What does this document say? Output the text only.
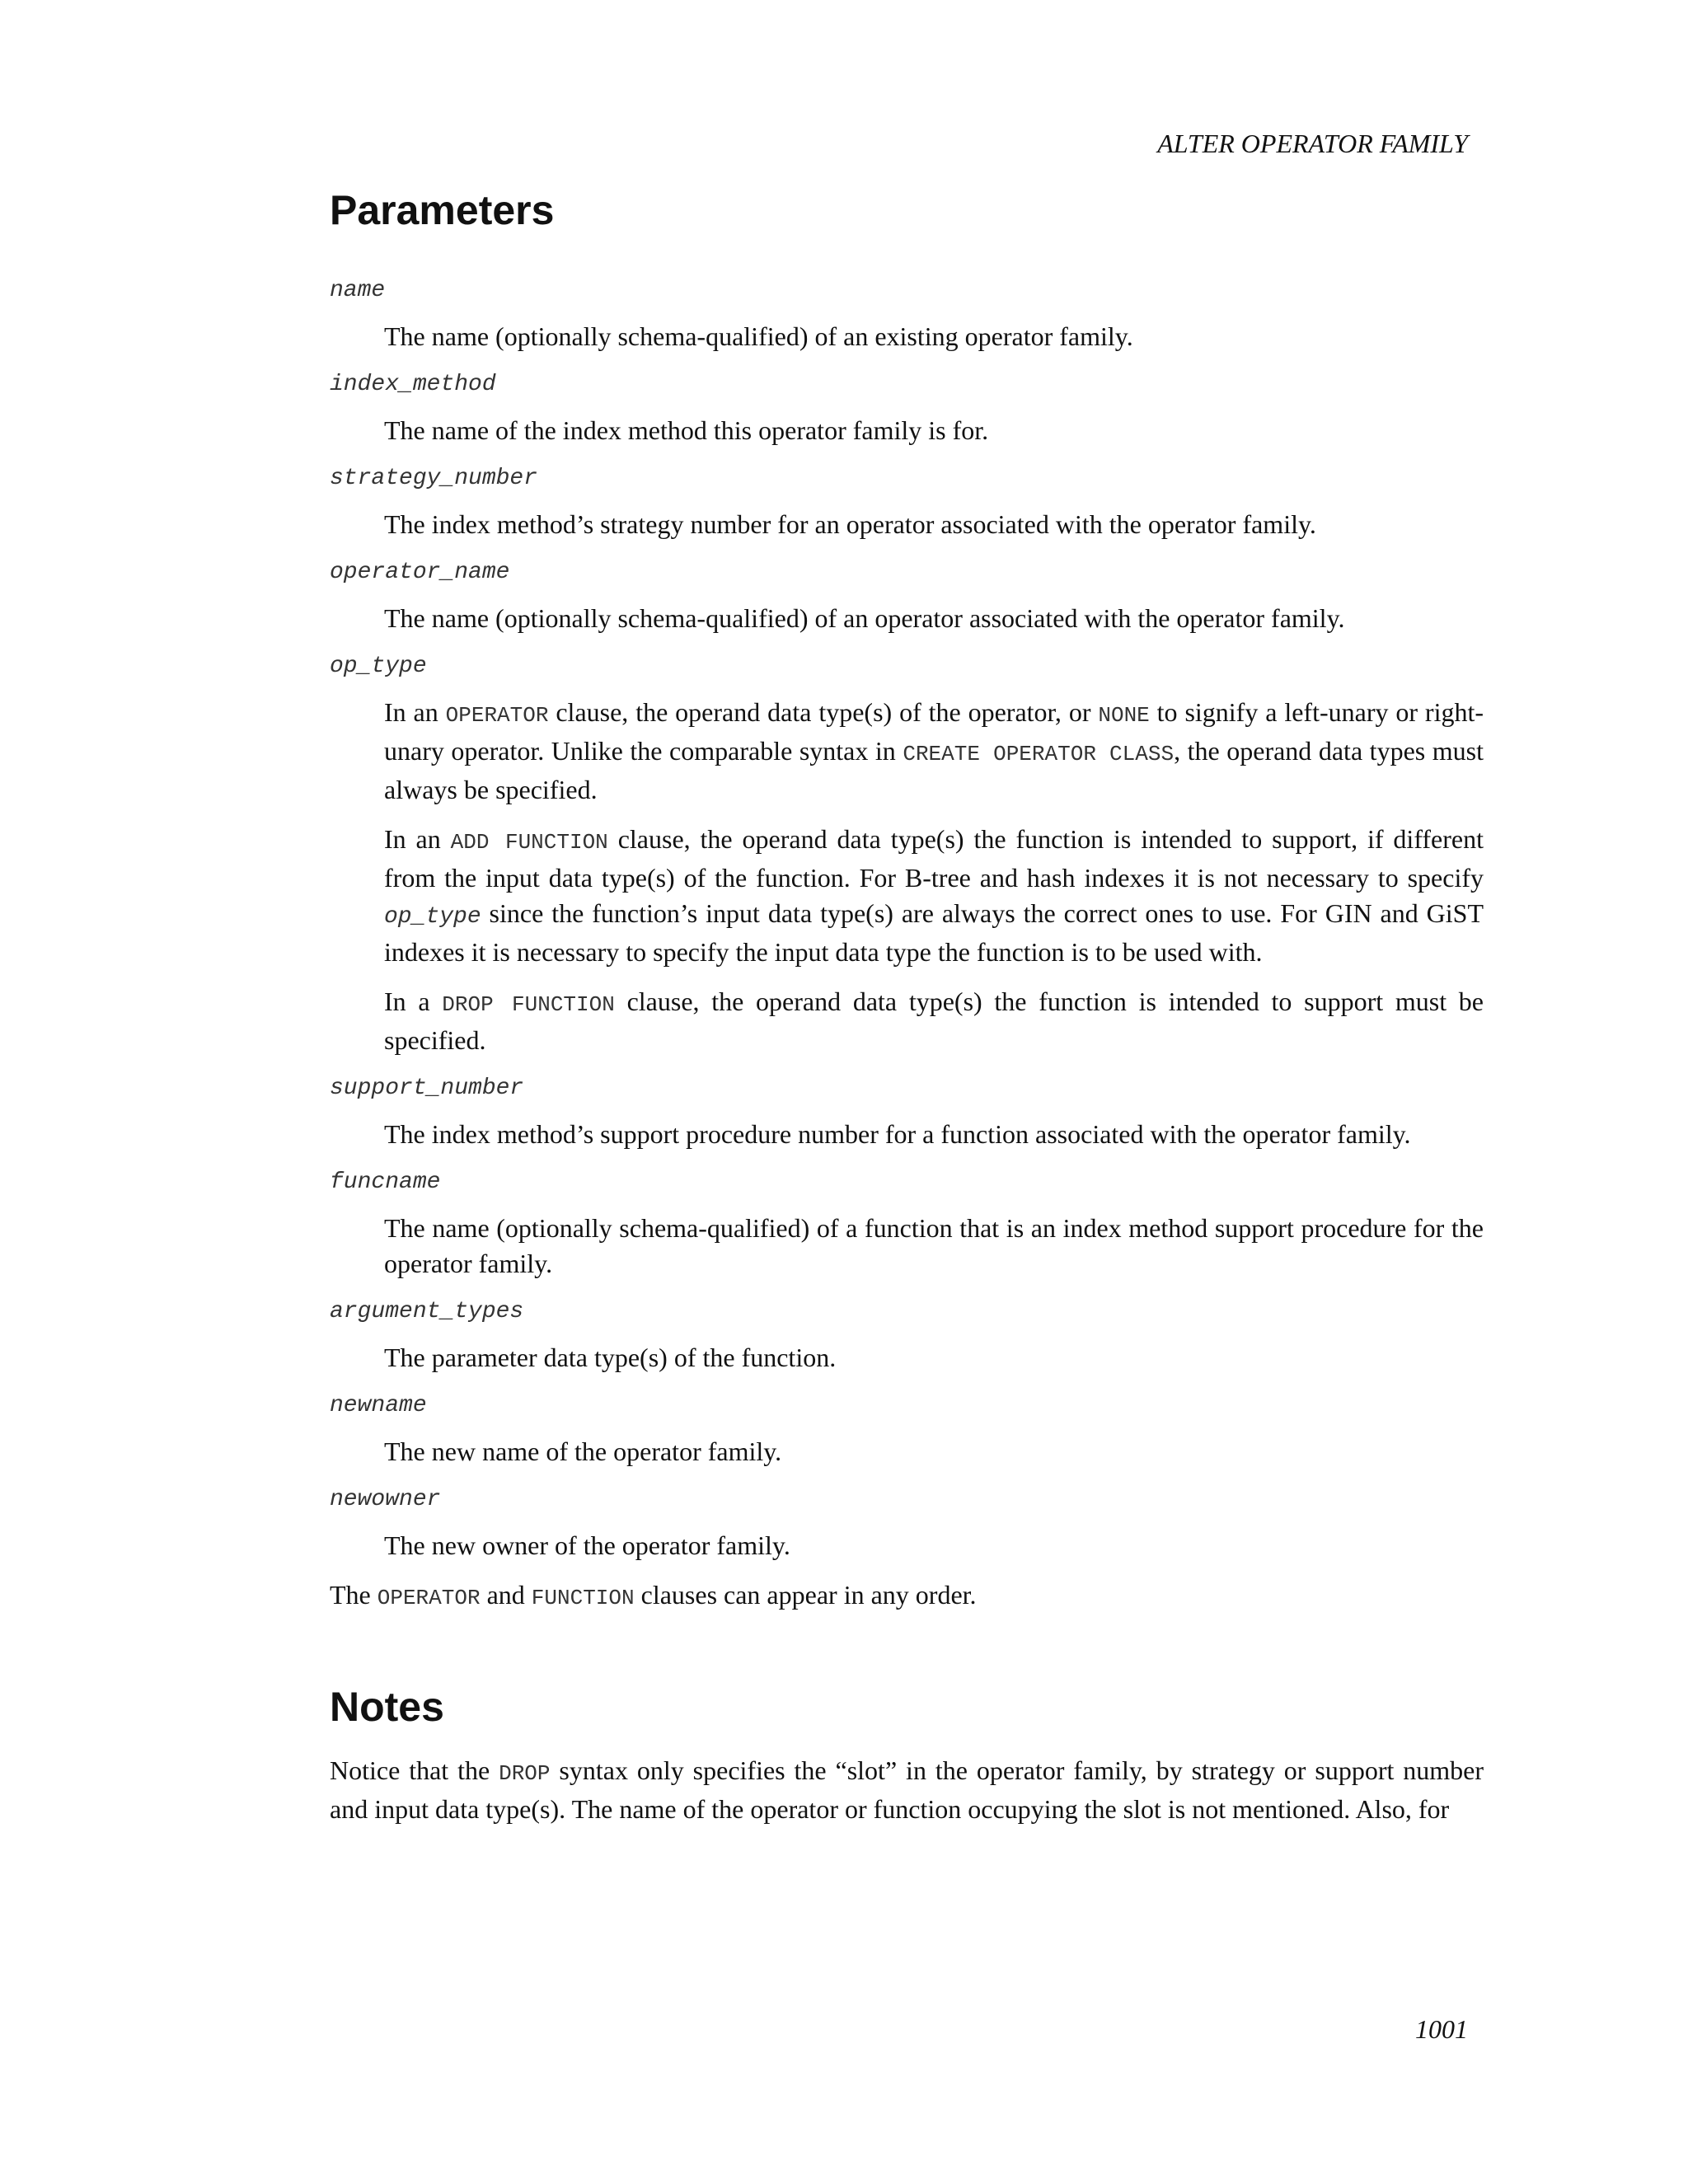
ALTER OPERATOR FAMILY
Parameters
name

The name (optionally schema-qualified) of an existing operator family.

index_method

The name of the index method this operator family is for.

strategy_number

The index method’s strategy number for an operator associated with the operator family.

operator_name

The name (optionally schema-qualified) of an operator associated with the operator family.

op_type

In an OPERATOR clause, the operand data type(s) of the operator, or NONE to signify a left-unary or right-unary operator. Unlike the comparable syntax in CREATE OPERATOR CLASS, the operand data types must always be specified.

In an ADD FUNCTION clause, the operand data type(s) the function is intended to support, if different from the input data type(s) of the function. For B-tree and hash indexes it is not necessary to specify op_type since the function’s input data type(s) are always the correct ones to use. For GIN and GiST indexes it is necessary to specify the input data type the function is to be used with.

In a DROP FUNCTION clause, the operand data type(s) the function is intended to support must be specified.

support_number

The index method’s support procedure number for a function associated with the operator family.

funcname

The name (optionally schema-qualified) of a function that is an index method support procedure for the operator family.

argument_types

The parameter data type(s) of the function.

newname

The new name of the operator family.

newowner

The new owner of the operator family.

The OPERATOR and FUNCTION clauses can appear in any order.

Notes

Notice that the DROP syntax only specifies the “slot” in the operator family, by strategy or support number and input data type(s). The name of the operator or function occupying the slot is not mentioned. Also, for

1001
